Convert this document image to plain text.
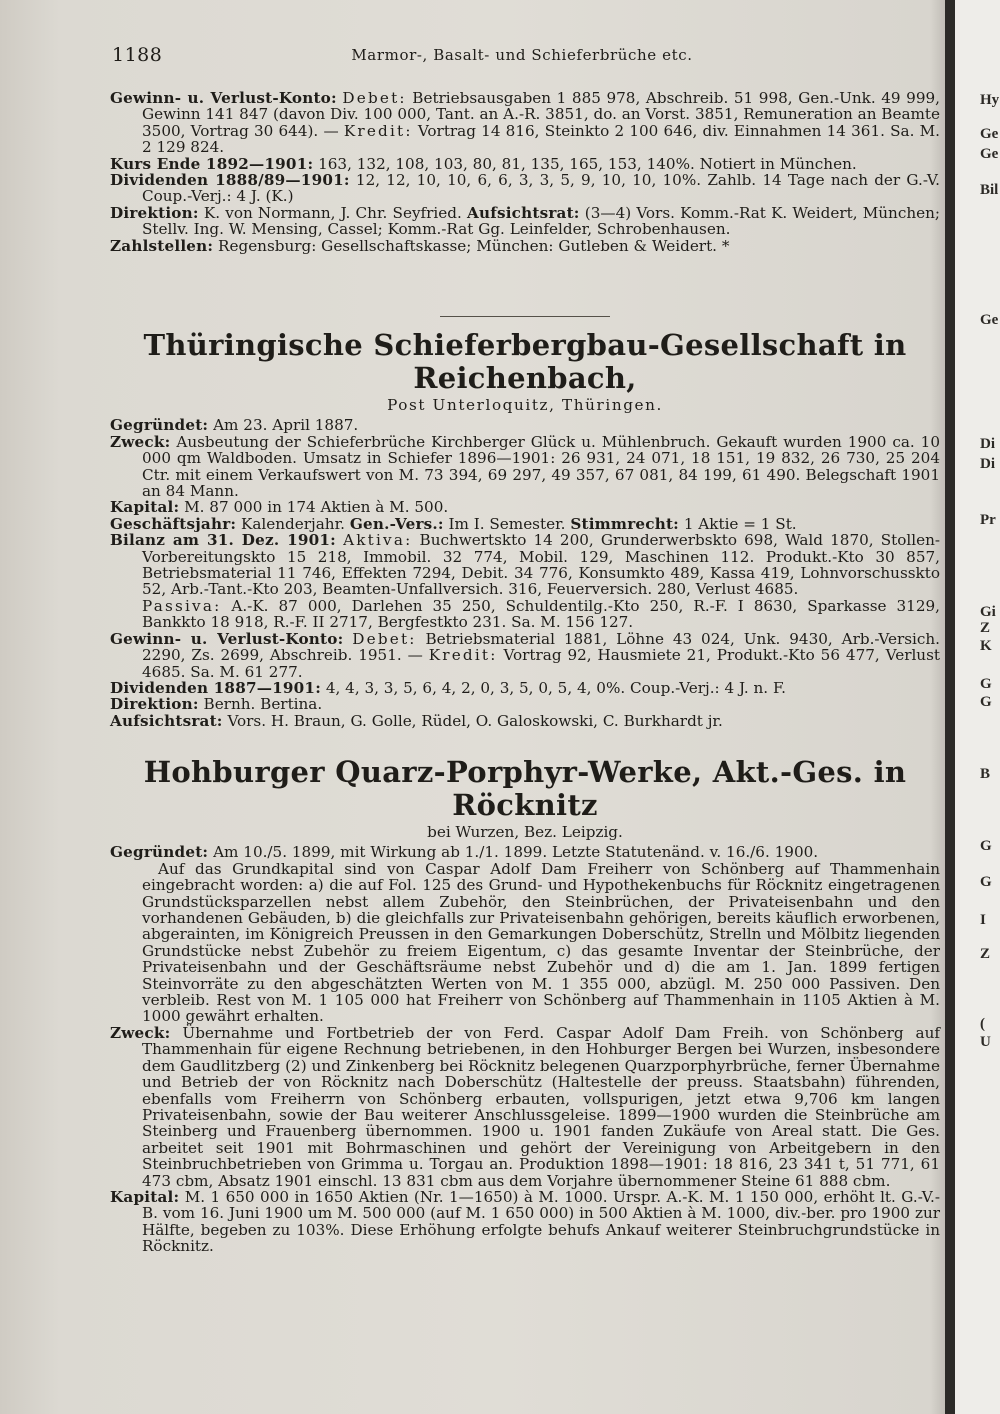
Hy
Ge
Ge
Bil
Ge
Di
Di
Pr
Gi
Z
K
G
G
B
G
G
I
Z
(
U
1188	Marmor-, Basalt- und Schieferbrüche etc.

Gewinn- u. Verlust-Konto: Debet: Betriebsausgaben 1 885 978, Abschreib. 51 998, Gen.-Unk. 49 999, Gewinn 141 847 (davon Div. 100 000, Tant. an A.-R. 3851, do. an Vorst. 3851, Remuneration an Beamte 3500, Vortrag 30 644). — Kredit: Vortrag 14 816, Steinkto 2 100 646, div. Einnahmen 14 361. Sa. M. 2 129 824.

Kurs Ende 1892—1901: 163, 132, 108, 103, 80, 81, 135, 165, 153, 140%. Notiert in München.

Dividenden 1888/89—1901: 12, 12, 10, 10, 6, 6, 3, 3, 5, 9, 10, 10, 10%. Zahlb. 14 Tage nach der G.-V. Coup.-Verj.: 4 J. (K.)

Direktion: K. von Normann, J. Chr. Seyfried. Aufsichtsrat: (3—4) Vors. Komm.-Rat K. Weidert, München; Stellv. Ing. W. Mensing, Cassel; Komm.-Rat Gg. Leinfelder, Schrobenhausen.

Zahlstellen: Regensburg: Gesellschaftskasse; München: Gutleben & Weidert. *

Thüringische Schieferbergbau-Gesellschaft in Reichenbach,
Post Unterloquitz, Thüringen.

Gegründet: Am 23. April 1887.

Zweck: Ausbeutung der Schieferbrüche Kirchberger Glück u. Mühlenbruch. Gekauft wurden 1900 ca. 10 000 qm Waldboden. Umsatz in Schiefer 1896—1901: 26 931, 24 071, 18 151, 19 832, 26 730, 25 204 Ctr. mit einem Verkaufswert von M. 73 394, 69 297, 49 357, 67 081, 84 199, 61 490. Belegschaft 1901 an 84 Mann.

Kapital: M. 87 000 in 174 Aktien à M. 500.

Geschäftsjahr: Kalenderjahr. Gen.-Vers.: Im I. Semester. Stimmrecht: 1 Aktie = 1 St.

Bilanz am 31. Dez. 1901: Aktiva: Buchwertskto 14 200, Grunderwerbskto 698, Wald 1870, Stollen-Vorbereitungskto 15 218, Immobil. 32 774, Mobil. 129, Maschinen 112. Produkt.-Kto 30 857, Betriebsmaterial 11 746, Effekten 7294, Debit. 34 776, Konsumkto 489, Kassa 419, Lohnvorschusskto 52, Arb.-Tant.-Kto 203, Beamten-Unfallversich. 316, Feuerversich. 280, Verlust 4685.

Passiva: A.-K. 87 000, Darlehen 35 250, Schuldentilg.-Kto 250, R.-F. I 8630, Sparkasse 3129, Bankkto 18 918, R.-F. II 2717, Bergfestkto 231. Sa. M. 156 127.

Gewinn- u. Verlust-Konto: Debet: Betriebsmaterial 1881, Löhne 43 024, Unk. 9430, Arb.-Versich. 2290, Zs. 2699, Abschreib. 1951. — Kredit: Vortrag 92, Hausmiete 21, Produkt.-Kto 56 477, Verlust 4685. Sa. M. 61 277.

Dividenden 1887—1901: 4, 4, 3, 3, 5, 6, 4, 2, 0, 3, 5, 0, 5, 4, 0%. Coup.-Verj.: 4 J. n. F.

Direktion: Bernh. Bertina.

Aufsichtsrat: Vors. H. Braun, G. Golle, Rüdel, O. Galoskowski, C. Burkhardt jr.

Hohburger Quarz-Porphyr-Werke, Akt.-Ges. in Röcknitz
bei Wurzen, Bez. Leipzig.

Gegründet: Am 10./5. 1899, mit Wirkung ab 1./1. 1899. Letzte Statutenänd. v. 16./6. 1900.

Auf das Grundkapital sind von Caspar Adolf Dam Freiherr von Schönberg auf Thammenhain eingebracht worden: a) die auf Fol. 125 des Grund- und Hypothekenbuchs für Röcknitz eingetragenen Grundstücksparzellen nebst allem Zubehör, den Steinbrüchen, der Privateisenbahn und den vorhandenen Gebäuden, b) die gleichfalls zur Privateisenbahn gehörigen, bereits käuflich erworbenen, abgerainten, im Königreich Preussen in den Gemarkungen Doberschütz, Strelln und Mölbitz liegenden Grundstücke nebst Zubehör zu freiem Eigentum, c) das gesamte Inventar der Steinbrüche, der Privateisenbahn und der Geschäftsräume nebst Zubehör und d) die am 1. Jan. 1899 fertigen Steinvorräte zu den abgeschätzten Werten von M. 1 355 000, abzügl. M. 250 000 Passiven. Den verbleib. Rest von M. 1 105 000 hat Freiherr von Schönberg auf Thammenhain in 1105 Aktien à M. 1000 gewährt erhalten.

Zweck: Übernahme und Fortbetrieb der von Ferd. Caspar Adolf Dam Freih. von Schönberg auf Thammenhain für eigene Rechnung betriebenen, in den Hohburger Bergen bei Wurzen, insbesondere dem Gaudlitzberg (2) und Zinkenberg bei Röcknitz belegenen Quarzporphyrbrüche, ferner Übernahme und Betrieb der von Röcknitz nach Doberschütz (Haltestelle der preuss. Staatsbahn) führenden, ebenfalls vom Freiherrn von Schönberg erbauten, vollspurigen, jetzt etwa 9,706 km langen Privateisenbahn, sowie der Bau weiterer Anschlussgeleise. 1899—1900 wurden die Steinbrüche am Steinberg und Frauenberg übernommen. 1900 u. 1901 fanden Zukäufe von Areal statt. Die Ges. arbeitet seit 1901 mit Bohrmaschinen und gehört der Vereinigung von Arbeitgebern in den Steinbruchbetrieben von Grimma u. Torgau an. Produktion 1898—1901: 18 816, 23 341 t, 51 771, 61 473 cbm, Absatz 1901 einschl. 13 831 cbm aus dem Vorjahre übernommener Steine 61 888 cbm.

Kapital: M. 1 650 000 in 1650 Aktien (Nr. 1—1650) à M. 1000. Urspr. A.-K. M. 1 150 000, erhöht lt. G.-V.-B. vom 16. Juni 1900 um M. 500 000 (auf M. 1 650 000) in 500 Aktien à M. 1000, div.-ber. pro 1900 zur Hälfte, begeben zu 103%. Diese Erhöhung erfolgte behufs Ankauf weiterer Steinbruchgrundstücke in Röcknitz.
